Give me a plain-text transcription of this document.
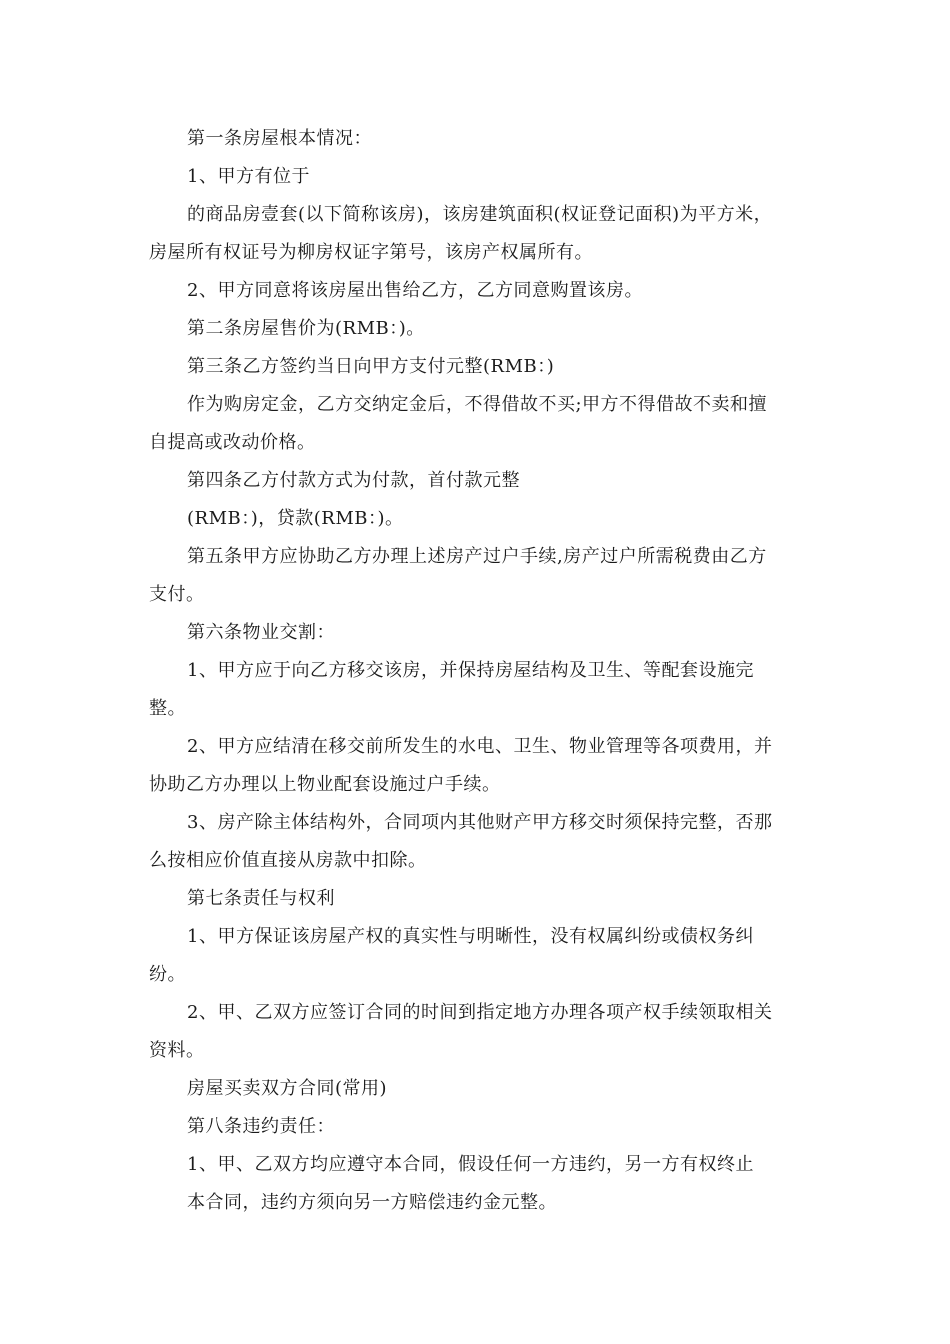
第一条房屋根本情况：
1、甲方有位于
的商品房壹套(以下简称该房)，该房建筑面积(权证登记面积)为平方米，
房屋所有权证号为柳房权证字第号，该房产权属所有。
2、甲方同意将该房屋出售给乙方，乙方同意购置该房。
第二条房屋售价为(RMB：)。
第三条乙方签约当日向甲方支付元整(RMB：)
作为购房定金，乙方交纳定金后，不得借故不买;甲方不得借故不卖和擅
自提高或改动价格。
第四条乙方付款方式为付款，首付款元整
(RMB：)，贷款(RMB：)。
第五条甲方应协助乙方办理上述房产过户手续,房产过户所需税费由乙方
支付。
第六条物业交割：
1、甲方应于向乙方移交该房，并保持房屋结构及卫生、等配套设施完
整。
2、甲方应结清在移交前所发生的水电、卫生、物业管理等各项费用，并
协助乙方办理以上物业配套设施过户手续。
3、房产除主体结构外，合同项内其他财产甲方移交时须保持完整，否那
么按相应价值直接从房款中扣除。
第七条责任与权利
1、甲方保证该房屋产权的真实性与明晰性，没有权属纠纷或债权务纠
纷。
2、甲、乙双方应签订合同的时间到指定地方办理各项产权手续领取相关
资料。
房屋买卖双方合同(常用)
第八条违约责任：
1、甲、乙双方均应遵守本合同，假设任何一方违约，另一方有权终止
本合同，违约方须向另一方赔偿违约金元整。
